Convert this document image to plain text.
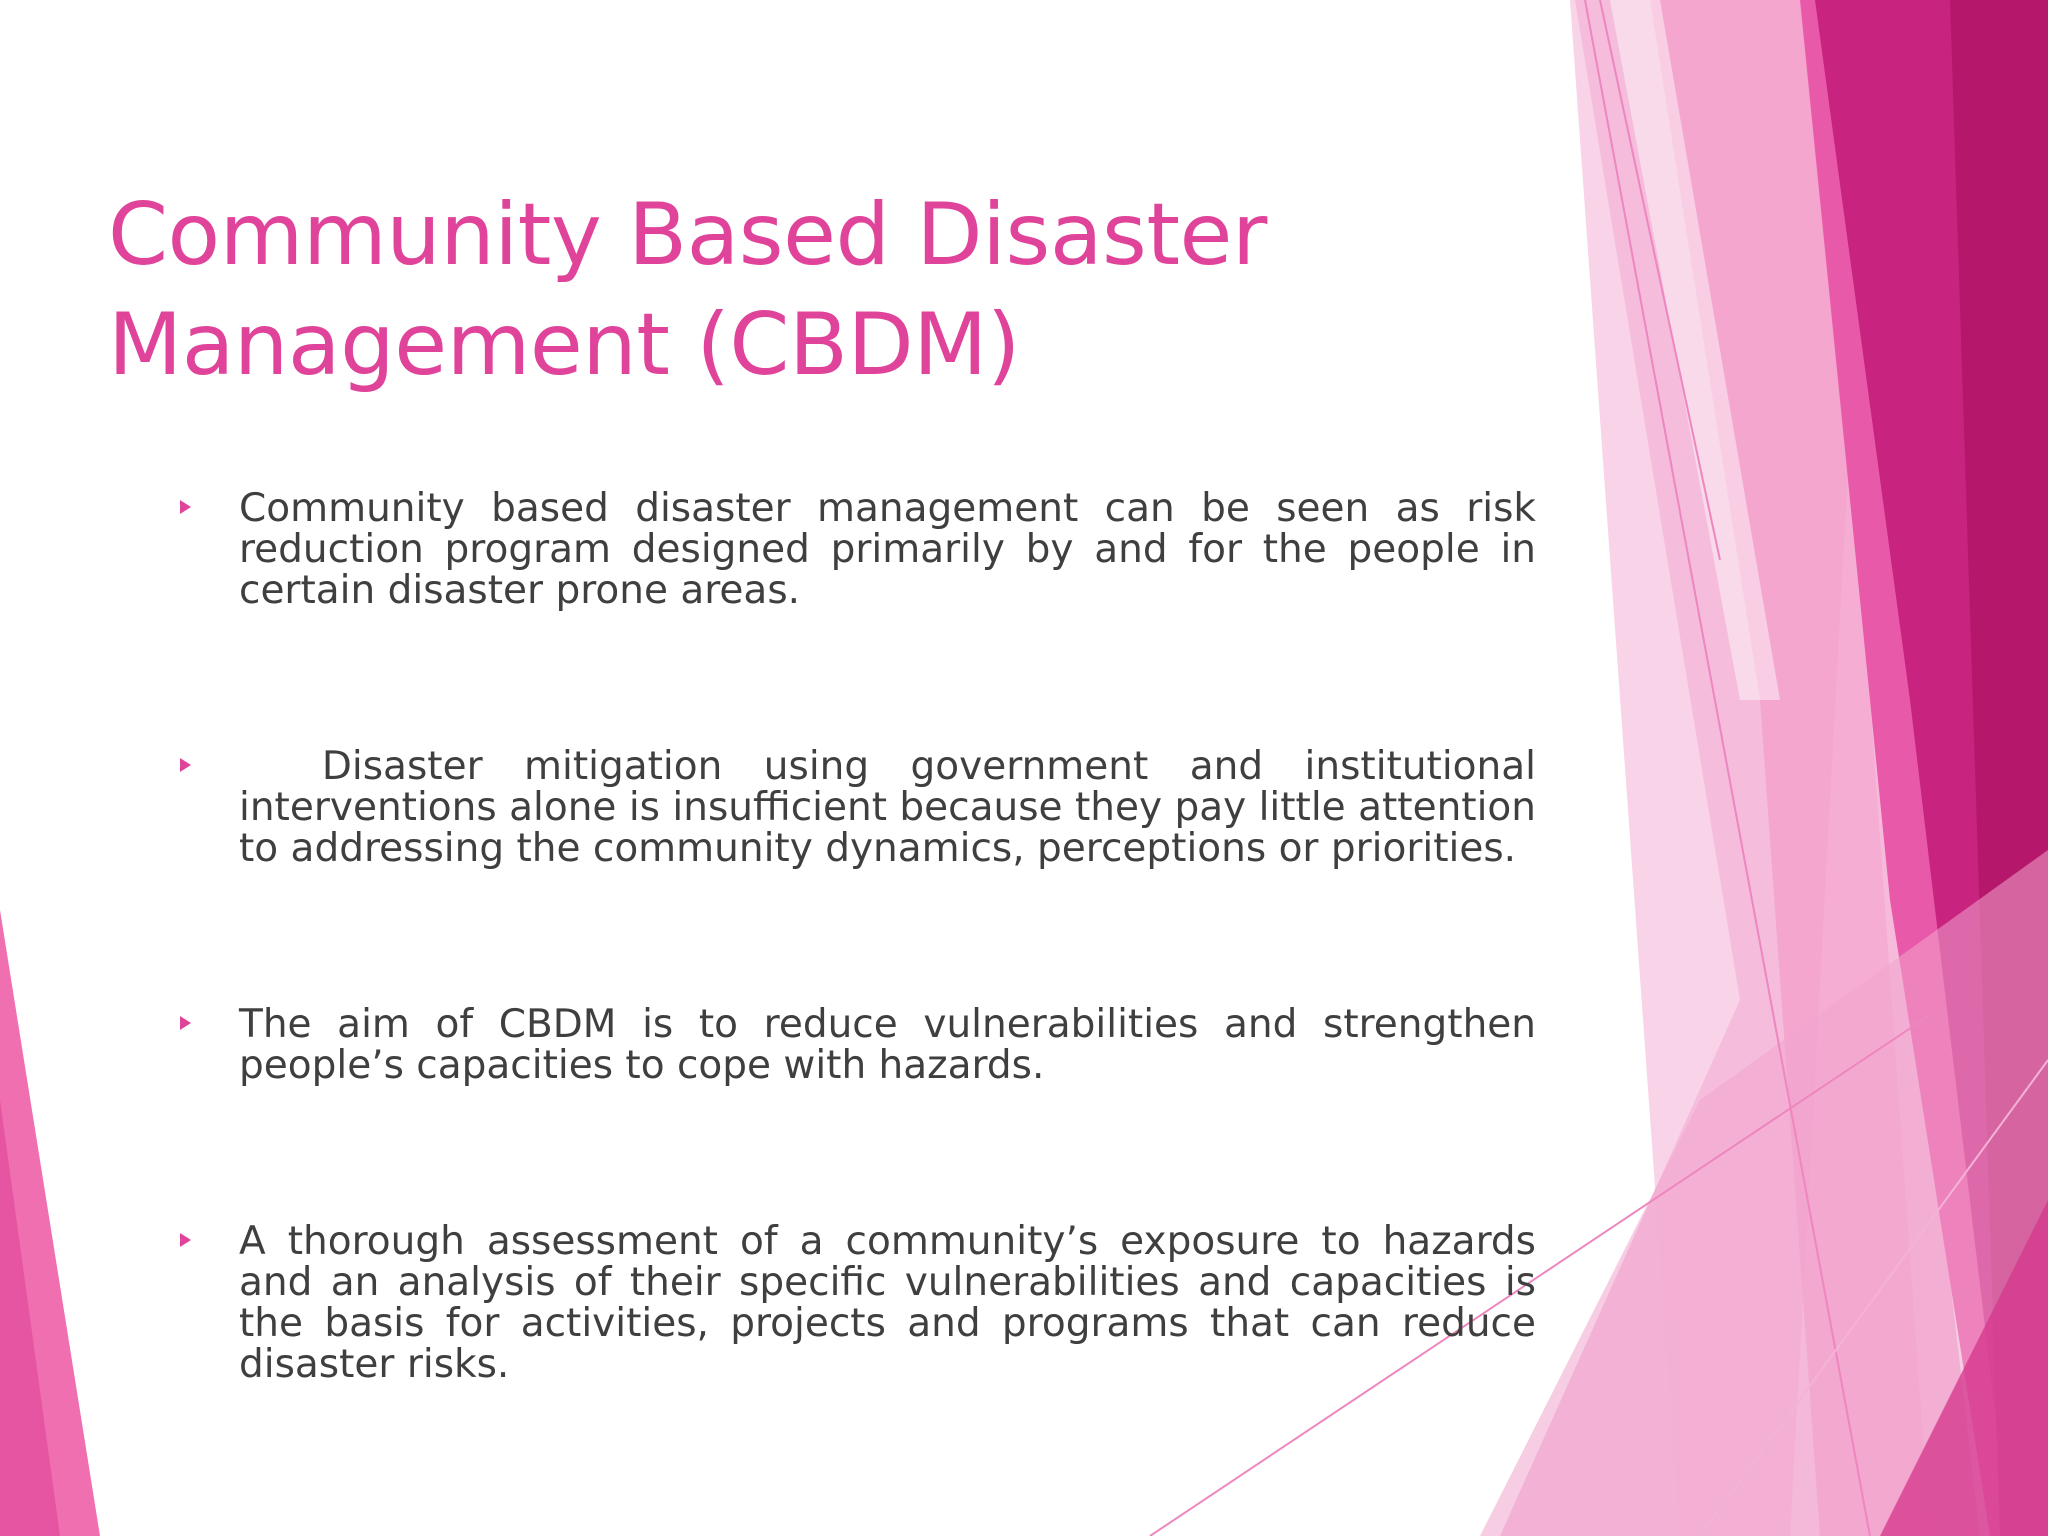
Community Based Disaster Management (CBDM)
Community based disaster management can be seen as risk reduction program designed primarily by and for the people in certain disaster prone areas.
Disaster mitigation using government and institutional interventions alone is insufficient because they pay little attention to addressing the community dynamics, perceptions or priorities.
The aim of CBDM is to reduce vulnerabilities and strengthen people’s capacities to cope with hazards.
A thorough assessment of a community’s exposure to hazards and an analysis of their specific vulnerabilities and capacities is the basis for activities, projects and programs that can reduce disaster risks.
